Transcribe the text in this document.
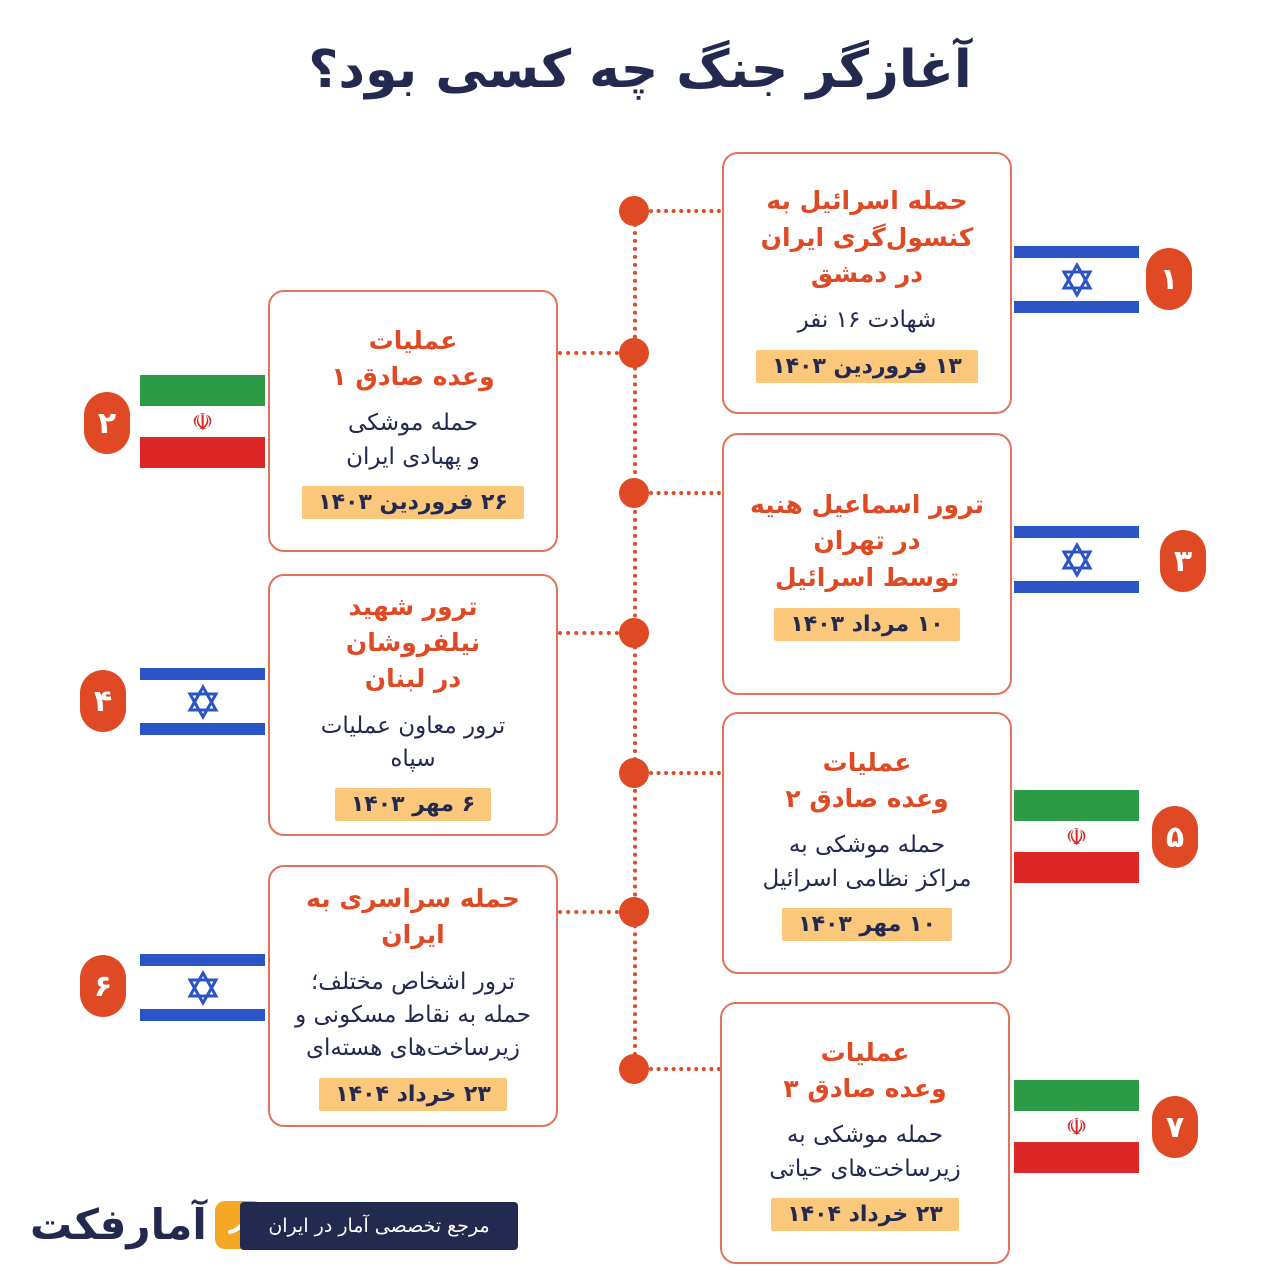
آغازگر جنگ چه کسی بود؟
حمله اسرائیل به
کنسول‌گری ایران
در دمشق
شهادت ۱۶ نفر
۱۳ فروردین ۱۴۰۳
۱
عملیات
وعده صادق ۱
حمله موشکی
و پهبادی ایران
۲۶ فروردین ۱۴۰۳
☫
۲
ترور اسماعیل هنیه
در تهران
توسط اسرائیل
۱۰ مرداد ۱۴۰۳
۳
ترور شهید نیلفروشان
در لبنان
ترور معاون عملیات
سپاه
۶ مهر ۱۴۰۳
۴
عملیات
وعده صادق ۲
حمله موشکی به
مراکز نظامی اسرائیل
۱۰ مهر ۱۴۰۳
☫	۵
حمله سراسری به
ایران
ترور اشخاص مختلف؛
حمله به نقاط مسکونی و
زیرساخت‌های هسته‌ای
۲۳ خرداد ۱۴۰۴
۶
عملیات
وعده صادق ۳
حمله موشکی به
زیرساخت‌های حیاتی
۲۳ خرداد ۱۴۰۴
☫	۷
آمارفکت	مرجع تخصصی آمار در ایران
